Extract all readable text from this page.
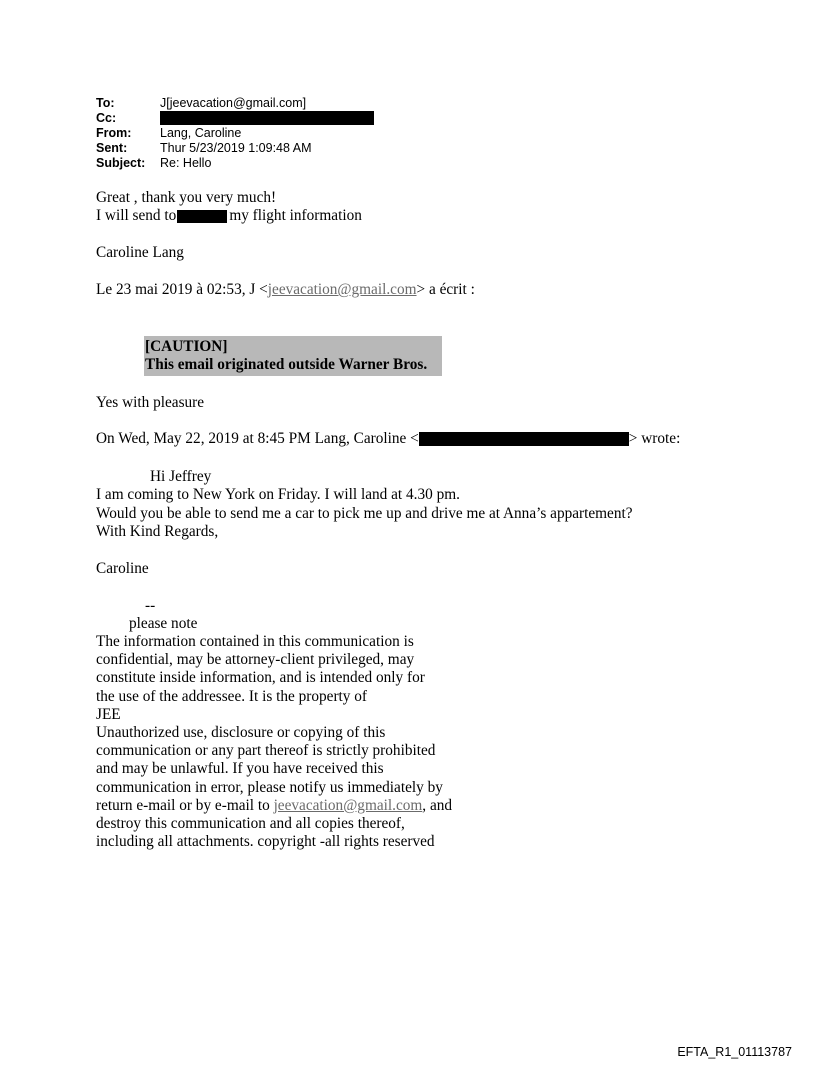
To:	J[jeevacation@gmail.com]
Cc:
From:	Lang, Caroline
Sent:	Thur 5/23/2019 1:09:48 AM
Subject:	Re: Hello
Great , thank you very much!
I will send to	my flight information
Caroline Lang
Le 23 mai 2019 à 02:53, J <jeevacation@gmail.com> a écrit :
[CAUTION]
This email originated outside Warner Bros.
Yes with pleasure
On Wed, May 22, 2019 at 8:45 PM Lang, Caroline <	> wrote:
Hi Jeffrey
I am coming to New York on Friday. I will land at 4.30 pm.
Would you be able to send me a car to pick me up and drive me at Anna’s appartement?
With Kind Regards,
Caroline
--
please note
The information contained in this communication is
confidential, may be attorney-client privileged, may
constitute inside information, and is intended only for
the use of the addressee. It is the property of
JEE
Unauthorized use, disclosure or copying of this
communication or any part thereof is strictly prohibited
and may be unlawful. If you have received this
communication in error, please notify us immediately by
return e-mail or by e-mail to jeevacation@gmail.com, and
destroy this communication and all copies thereof,
including all attachments. copyright -all rights reserved
EFTA_R1_01113787
